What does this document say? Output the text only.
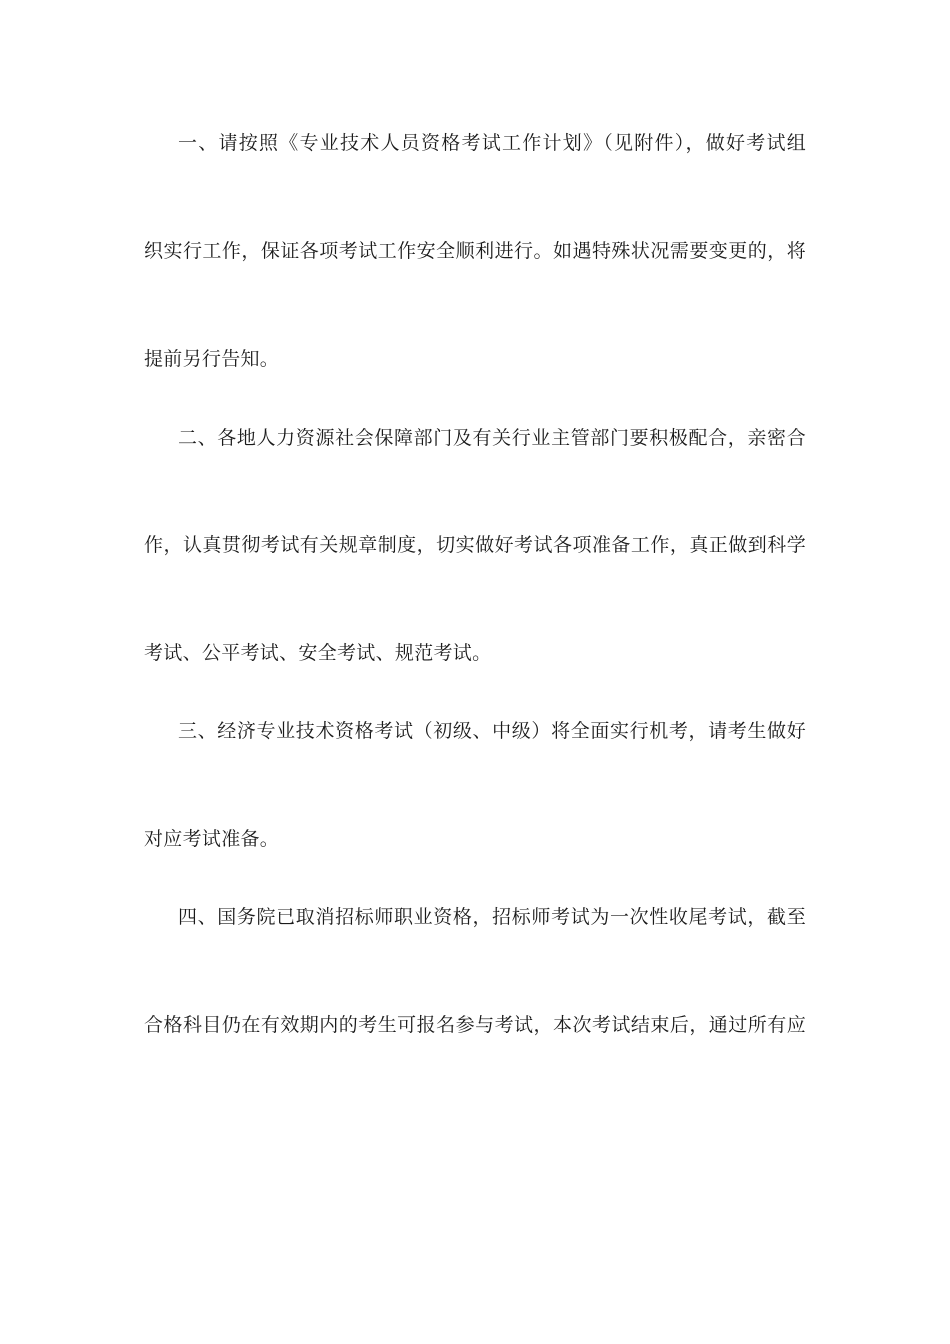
一、请按照《专业技术人员资格考试工作计划》（见附件），做好考试组
织实行工作，保证各项考试工作安全顺利进行。如遇特殊状况需要变更的，将
提前另行告知。
二、各地人力资源社会保障部门及有关行业主管部门要积极配合，亲密合
作，认真贯彻考试有关规章制度，切实做好考试各项准备工作，真正做到科学
考试、公平考试、安全考试、规范考试。
三、经济专业技术资格考试（初级、中级）将全面实行机考，请考生做好
对应考试准备。
四、国务院已取消招标师职业资格，招标师考试为一次性收尾考试，截至
合格科目仍在有效期内的考生可报名参与考试，本次考试结束后，通过所有应
